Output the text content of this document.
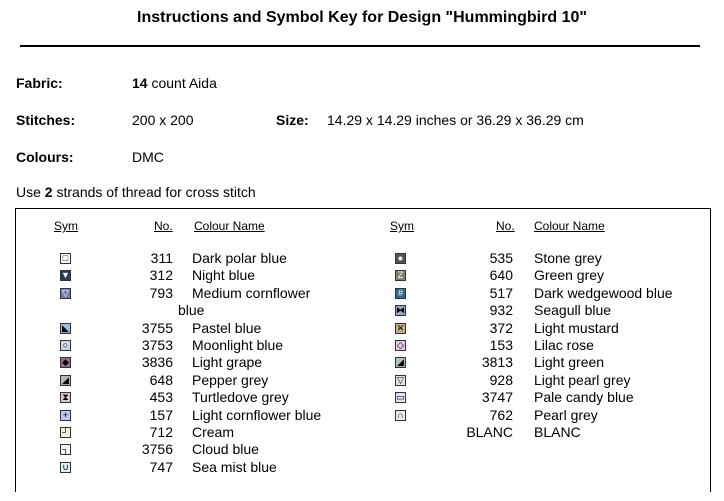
Instructions and Symbol Key for Design "Hummingbird 10"
Fabric:	14 count Aida
Stitches:	200 x 200	Size: 14.29 x 14.29 inches or 36.29 x 36.29 cm
Colours:	DMC
Use 2 strands of thread for cross stitch
Sym	No. Colour Name	Sym	No. Colour Name
□	311 Dark polar blue
▼	312 Night blue
▽	793 Medium cornflower
blue
◣	3755 Pastel blue
○	3753 Moonlight blue
◆	3836 Light grape
◢	648 Pepper grey
⧗	453 Turtledove grey
+	157 Light cornflower blue
┘	712 Cream
┐	3756 Cloud blue
∪	747 Sea mist blue
●	535 Stone grey
Z	640 Green grey
#	517 Dark wedgewood blue
⧓	932 Seagull blue
✕	372 Light mustard
◇	153 Lilac rose
◢	3813 Light green
▽	928 Light pearl grey
▭	3747 Pale candy blue
∩	762 Pearl grey
BLANC BLANC
